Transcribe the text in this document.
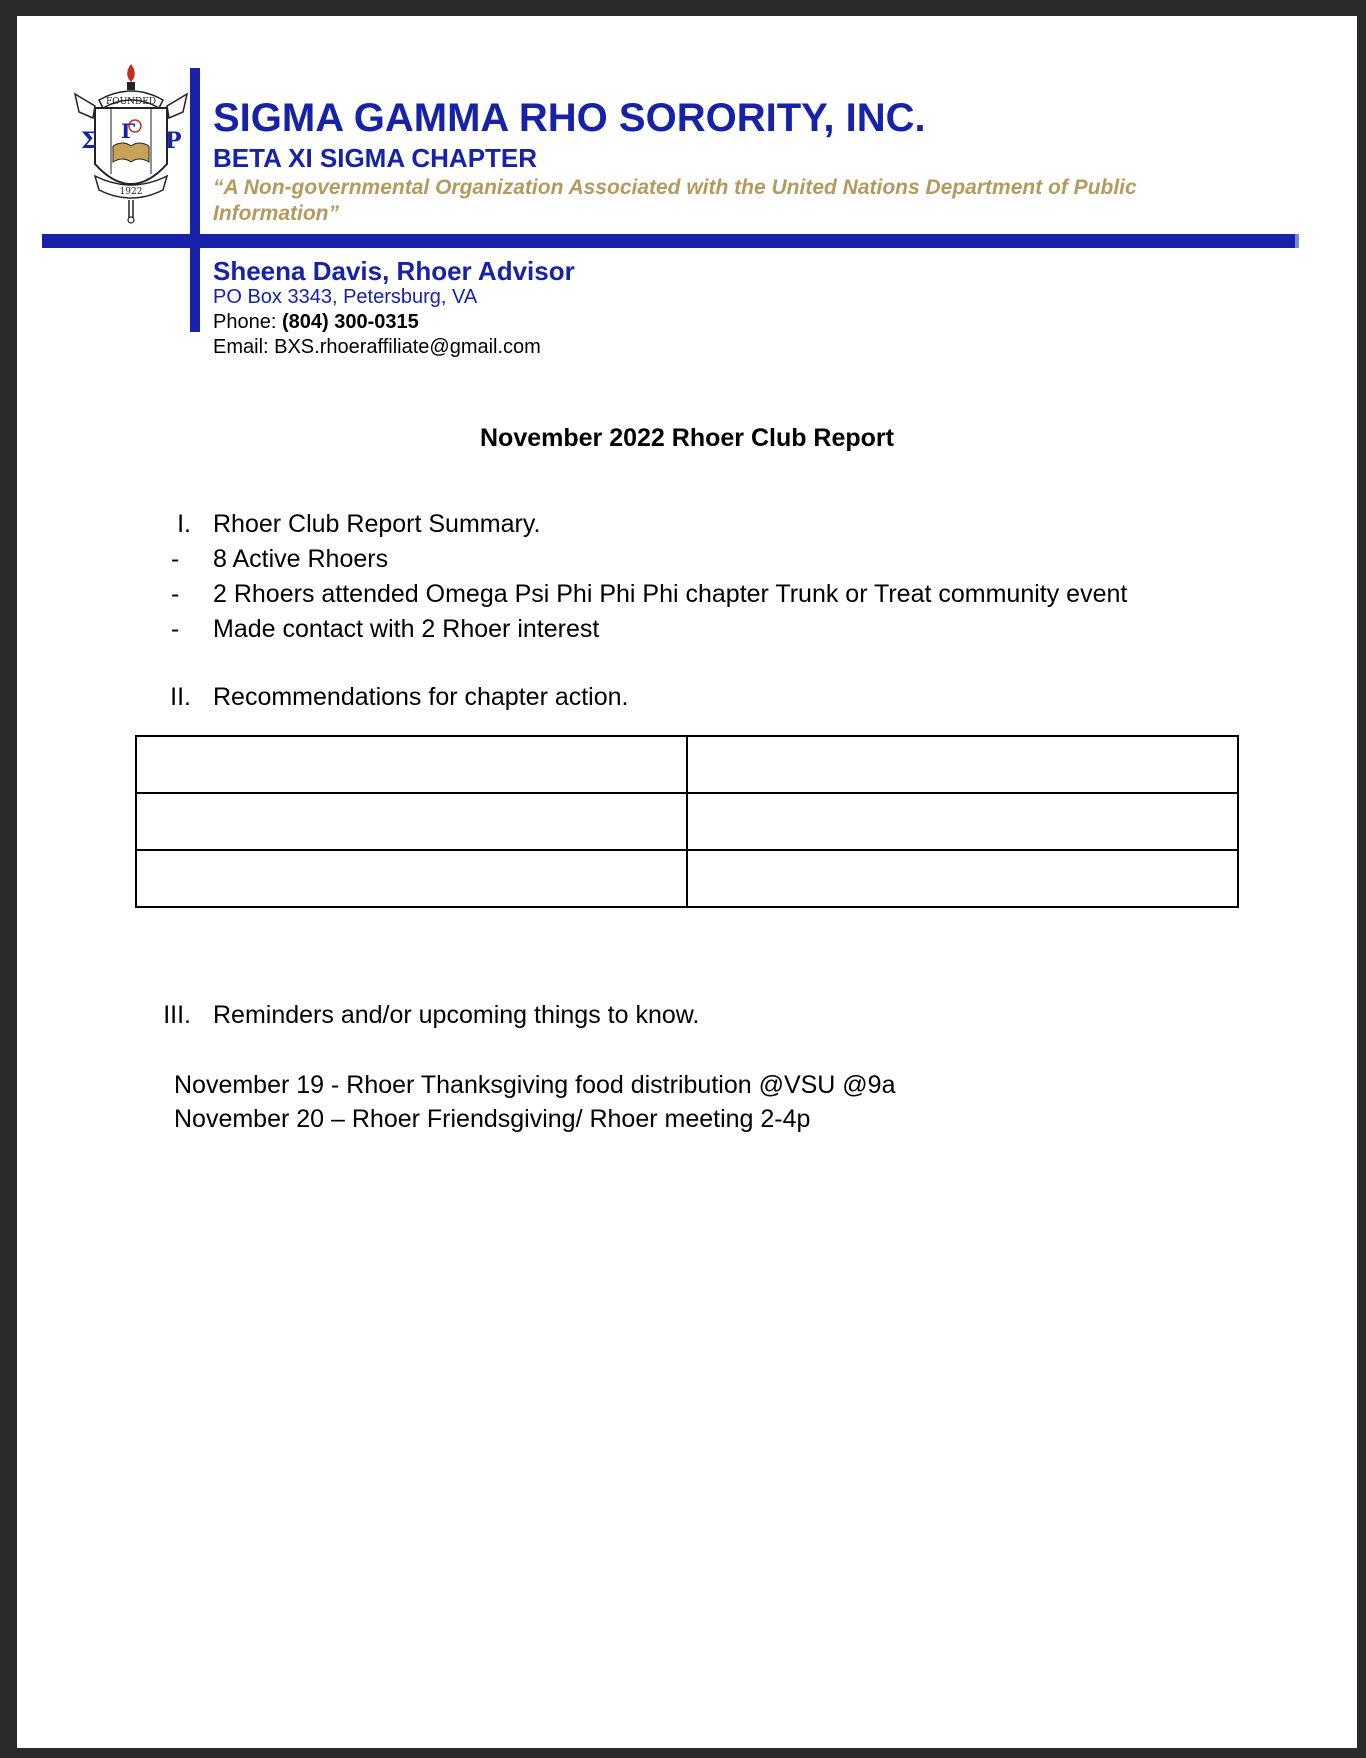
FOUNDED
Σ Γ Ρ
1922
SIGMA GAMMA RHO SORORITY, INC.
BETA XI SIGMA CHAPTER
“A Non-governmental Organization Associated with the United Nations Department of Public Information”
Sheena Davis, Rhoer Advisor
PO Box 3343, Petersburg, VA
Phone: (804) 300-0315
Email: BXS.rhoeraffiliate@gmail.com
November 2022 Rhoer Club Report
I. Rhoer Club Report Summary.
- 8 Active Rhoers
- 2 Rhoers attended Omega Psi Phi Phi Phi chapter Trunk or Treat community event
- Made contact with 2 Rhoer interest
II. Recommendations for chapter action.

III. Reminders and/or upcoming things to know.
November 19 - Rhoer Thanksgiving food distribution @VSU @9a
November 20 – Rhoer Friendsgiving/ Rhoer meeting 2-4p
